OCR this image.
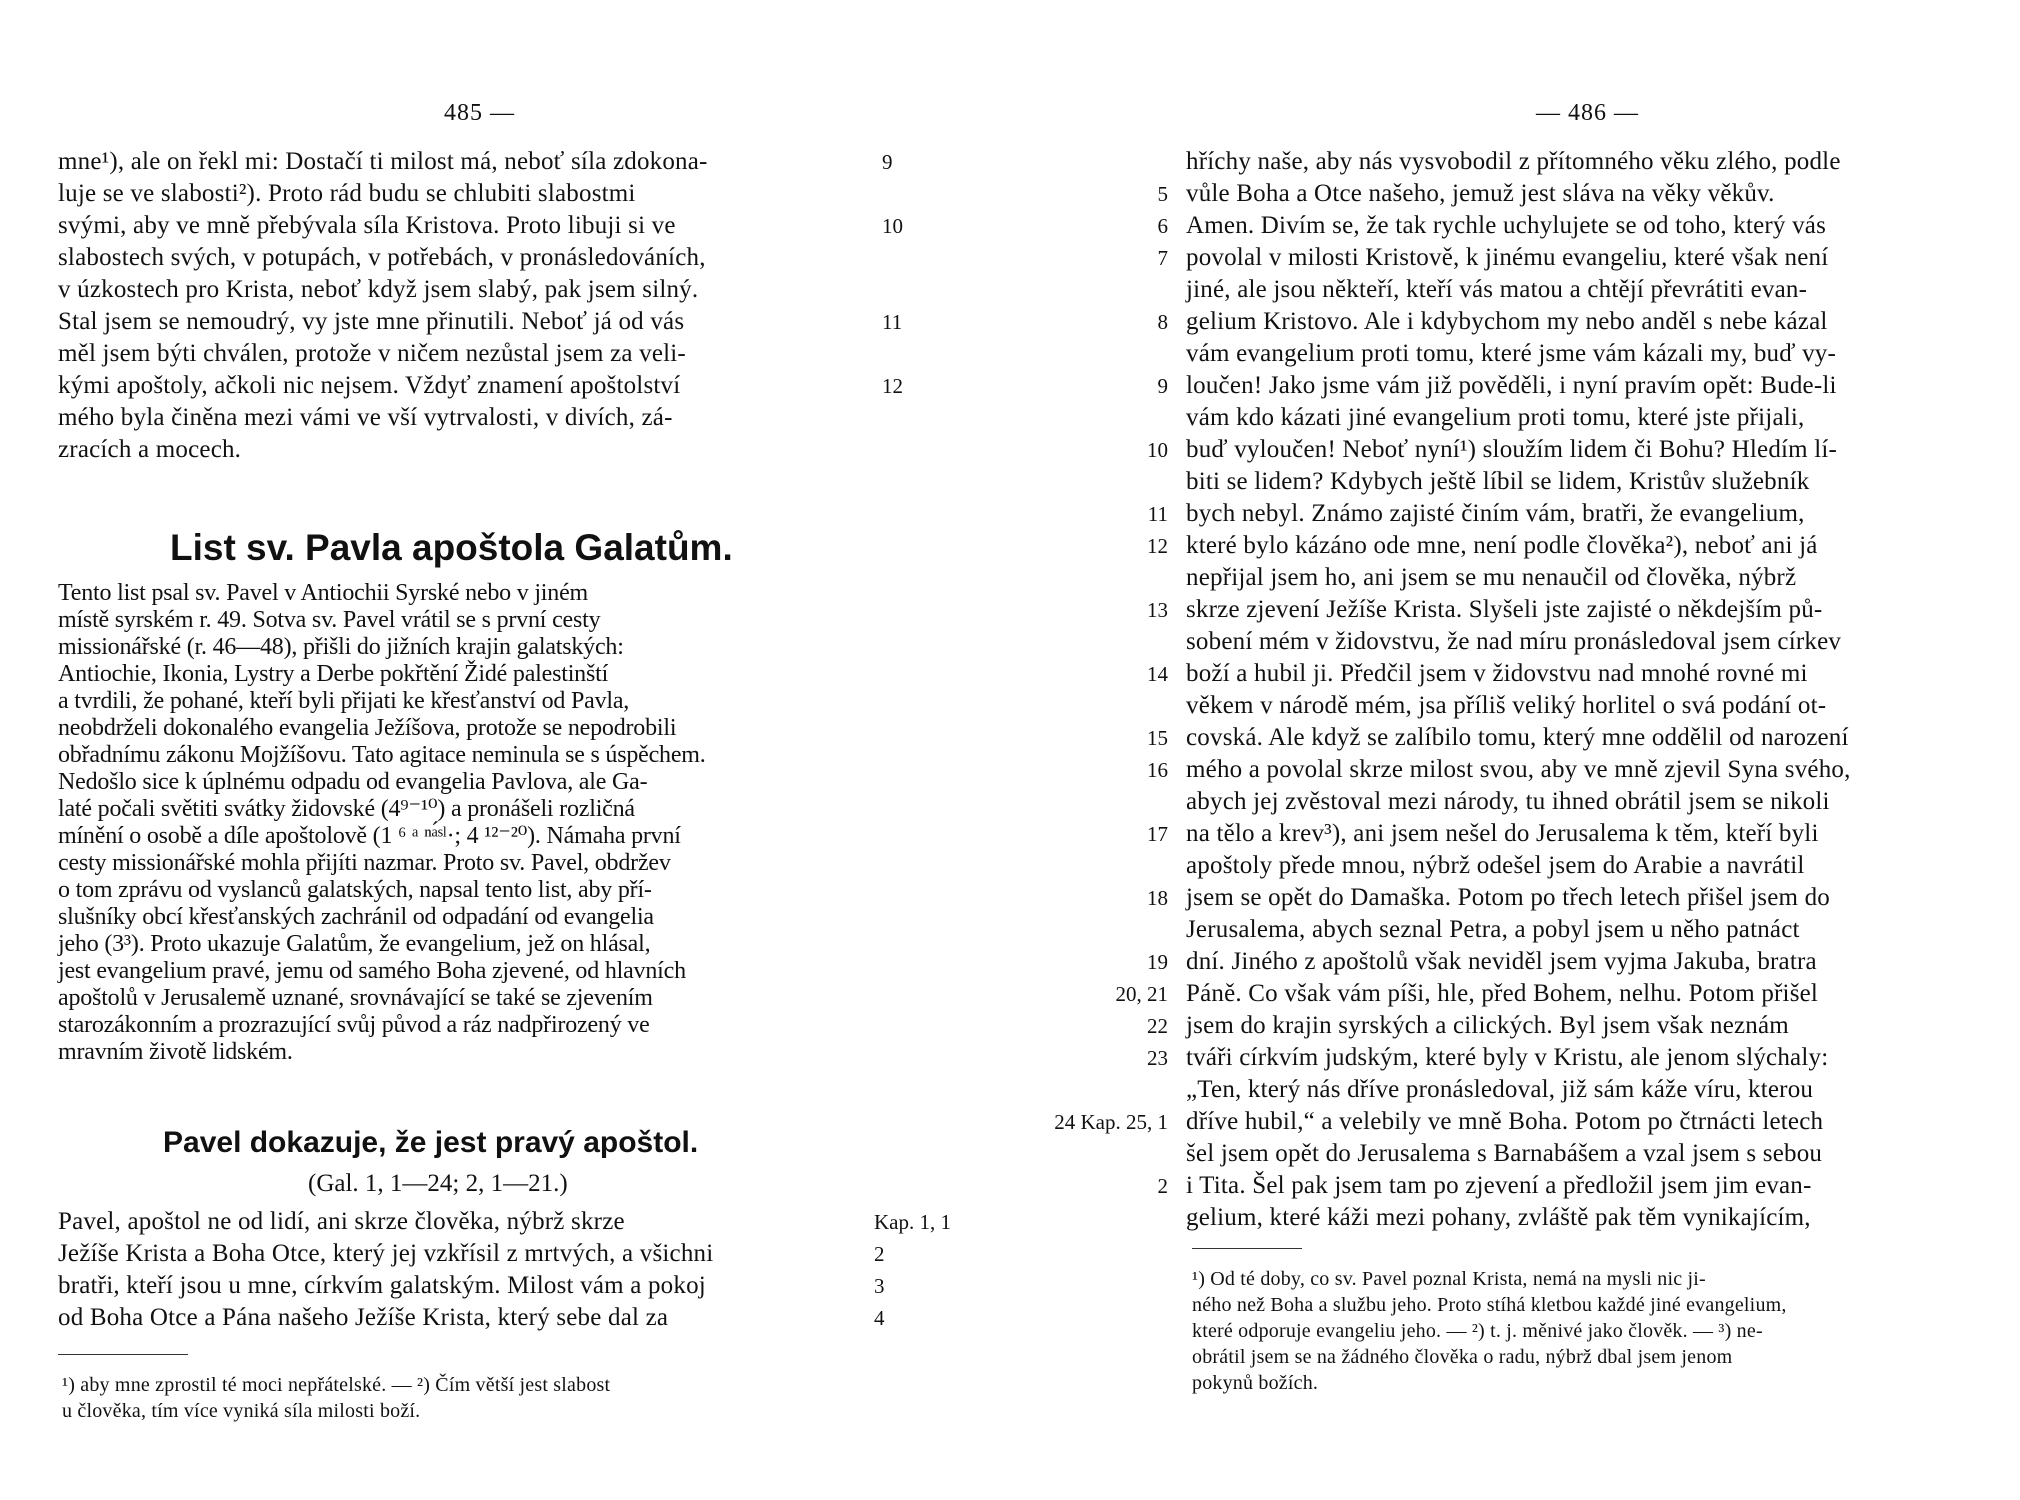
485 —
mne¹), ale on řekl mi: Dostačí ti milost má, neboť síla zdokona-	9
luje se ve slabosti²). Proto rád budu se chlubiti slabostmi
svými, aby ve mně přebývala síla Kristova. Proto libuji si ve	10
slabostech svých, v potupách, v potřebách, v pronásledováních,
v úzkostech pro Krista, neboť když jsem slabý, pak jsem silný.
Stal jsem se nemoudrý, vy jste mne přinutili. Neboť já od vás	11
měl jsem býti chválen, protože v ničem nezůstal jsem za veli-
kými apoštoly, ačkoli nic nejsem. Vždyť znamení apoštolství	12
mého byla činěna mezi vámi ve vší vytrvalosti, v divích, zá-
zracích a mocech.
List sv. Pavla apoštola Galatům.
Tento list psal sv. Pavel v Antiochii Syrské nebo v jiném
místě syrském r. 49. Sotva sv. Pavel vrátil se s první cesty
missionářské (r. 46—48), přišli do jižních krajin galatských:
Antiochie, Ikonia, Lystry a Derbe pokřtění Židé palestinští
a tvrdili, že pohané, kteří byli přijati ke křesťanství od Pavla,
neobdrželi dokonalého evangelia Ježíšova, protože se nepodrobili
obřadnímu zákonu Mojžíšovu. Tato agitace neminula se s úspěchem.
Nedošlo sice k úplnému odpadu od evangelia Pavlova, ale Ga-
laté počali světiti svátky židovské (4⁹⁻¹⁰) a pronášeli rozličná
mínění o osobě a díle apoštolově (1 ⁶ ᵃ ⁿᵃ́ˢˡ·; 4 ¹²⁻²⁰). Námaha první
cesty missionářské mohla přijíti nazmar. Proto sv. Pavel, obdržev
o tom zprávu od vyslanců galatských, napsal tento list, aby pří-
slušníky obcí křesťanských zachránil od odpadání od evangelia
jeho (3³). Proto ukazuje Galatům, že evangelium, jež on hlásal,
jest evangelium pravé, jemu od samého Boha zjevené, od hlavních
apoštolů v Jerusalemě uznané, srovnávající se také se zjevením
starozákonním a prozrazující svůj původ a ráz nadpřirozený ve
mravním životě lidském.
Pavel dokazuje, že jest pravý apoštol.
(Gal. 1, 1—24; 2, 1—21.)
Pavel, apoštol ne od lidí, ani skrze člověka, nýbrž skrze	Kap. 1, 1
Ježíše Krista a Boha Otce, který jej vzkřísil z mrtvých, a všichni	2
bratři, kteří jsou u mne, církvím galatským. Milost vám a pokoj	3
od Boha Otce a Pána našeho Ježíše Krista, který sebe dal za	4
¹) aby mne zprostil té moci nepřátelské. — ²) Čím větší jest slabost
u člověka, tím více vyniká síla milosti boží.
— 486 —
hříchy naše, aby nás vysvobodil z přítomného věku zlého, podle
5 vůle Boha a Otce našeho, jemuž jest sláva na věky věkův.
6 Amen. Divím se, že tak rychle uchylujete se od toho, který vás
7 povolal v milosti Kristově, k jinému evangeliu, které však není
jiné, ale jsou někteří, kteří vás matou a chtějí převrátiti evan-
8 gelium Kristovo. Ale i kdybychom my nebo anděl s nebe kázal
vám evangelium proti tomu, které jsme vám kázali my, buď vy-
9 loučen! Jako jsme vám již pověděli, i nyní pravím opět: Bude-li
vám kdo kázati jiné evangelium proti tomu, které jste přijali,
10 buď vyloučen! Neboť nyní¹) sloužím lidem či Bohu? Hledím lí-
biti se lidem? Kdybych ještě líbil se lidem, Kristův služebník
11 bych nebyl. Známo zajisté činím vám, bratři, že evangelium,
12 které bylo kázáno ode mne, není podle člověka²), neboť ani já
nepřijal jsem ho, ani jsem se mu nenaučil od člověka, nýbrž
13 skrze zjevení Ježíše Krista. Slyšeli jste zajisté o někdejším pů-
sobení mém v židovstvu, že nad míru pronásledoval jsem církev
14 boží a hubil ji. Předčil jsem v židovstvu nad mnohé rovné mi
věkem v národě mém, jsa příliš veliký horlitel o svá podání ot-
15 covská. Ale když se zalíbilo tomu, který mne oddělil od narození
16 mého a povolal skrze milost svou, aby ve mně zjevil Syna svého,
abych jej zvěstoval mezi národy, tu ihned obrátil jsem se nikoli
17 na tělo a krev³), ani jsem nešel do Jerusalema k těm, kteří byli
apoštoly přede mnou, nýbrž odešel jsem do Arabie a navrátil
18 jsem se opět do Damaška. Potom po třech letech přišel jsem do
Jerusalema, abych seznal Petra, a pobyl jsem u něho patnáct
19 dní. Jiného z apoštolů však neviděl jsem vyjma Jakuba, bratra
20, 21 Páně. Co však vám píši, hle, před Bohem, nelhu. Potom přišel
22 jsem do krajin syrských a cilických. Byl jsem však neznám
23 tváři církvím judským, které byly v Kristu, ale jenom slýchaly:
„Ten, který nás dříve pronásledoval, již sám káže víru, kterou
24 Kap. 25, 1 dříve hubil,“ a velebily ve mně Boha. Potom po čtrnácti letech
šel jsem opět do Jerusalema s Barnabášem a vzal jsem s sebou
2 i Tita. Šel pak jsem tam po zjevení a předložil jsem jim evan-
gelium, které káži mezi pohany, zvláště pak těm vynikajícím,
¹) Od té doby, co sv. Pavel poznal Krista, nemá na mysli nic ji-
ného než Boha a službu jeho. Proto stíhá kletbou každé jiné evangelium,
které odporuje evangeliu jeho. — ²) t. j. měnivé jako člověk. — ³) ne-
obrátil jsem se na žádného člověka o radu, nýbrž dbal jsem jenom
pokynů božích.
